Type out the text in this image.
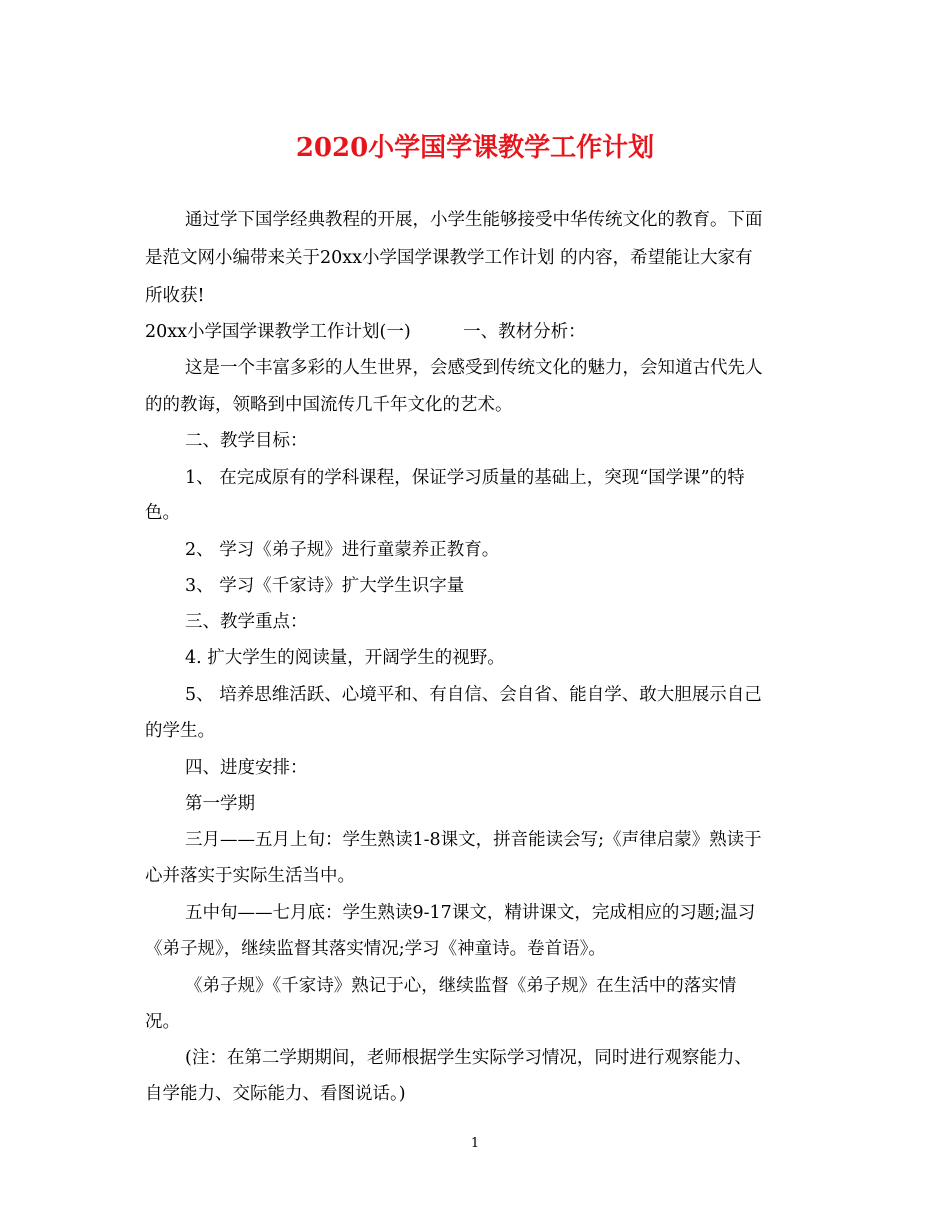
2020小学国学课教学工作计划
通过学下国学经典教程的开展，小学生能够接受中华传统文化的教育。下面
是范文网小编带来关于20xx小学国学课教学工作计划 的内容，希望能让大家有
所收获!
20xx小学国学课教学工作计划(一)　　　一、教材分析：
这是一个丰富多彩的人生世界，会感受到传统文化的魅力，会知道古代先人
的的教诲，领略到中国流传几千年文化的艺术。
二、教学目标：
1、 在完成原有的学科课程，保证学习质量的基础上，突现“国学课”的特
色。
2、 学习《弟子规》进行童蒙养正教育。
3、 学习《千家诗》扩大学生识字量
三、教学重点：
4. 扩大学生的阅读量，开阔学生的视野。
5、 培养思维活跃、心境平和、有自信、会自省、能自学、敢大胆展示自己
的学生。
四、进度安排：
第一学期
三月——五月上旬：学生熟读1-8课文，拼音能读会写;《声律启蒙》熟读于
心并落实于实际生活当中。
五中旬——七月底：学生熟读9-17课文，精讲课文，完成相应的习题;温习
《弟子规》，继续监督其落实情况;学习《神童诗。卷首语》。
《弟子规》《千家诗》熟记于心，继续监督《弟子规》在生活中的落实情
况。
(注：在第二学期期间，老师根据学生实际学习情况，同时进行观察能力、
自学能力、交际能力、看图说话。)
1
